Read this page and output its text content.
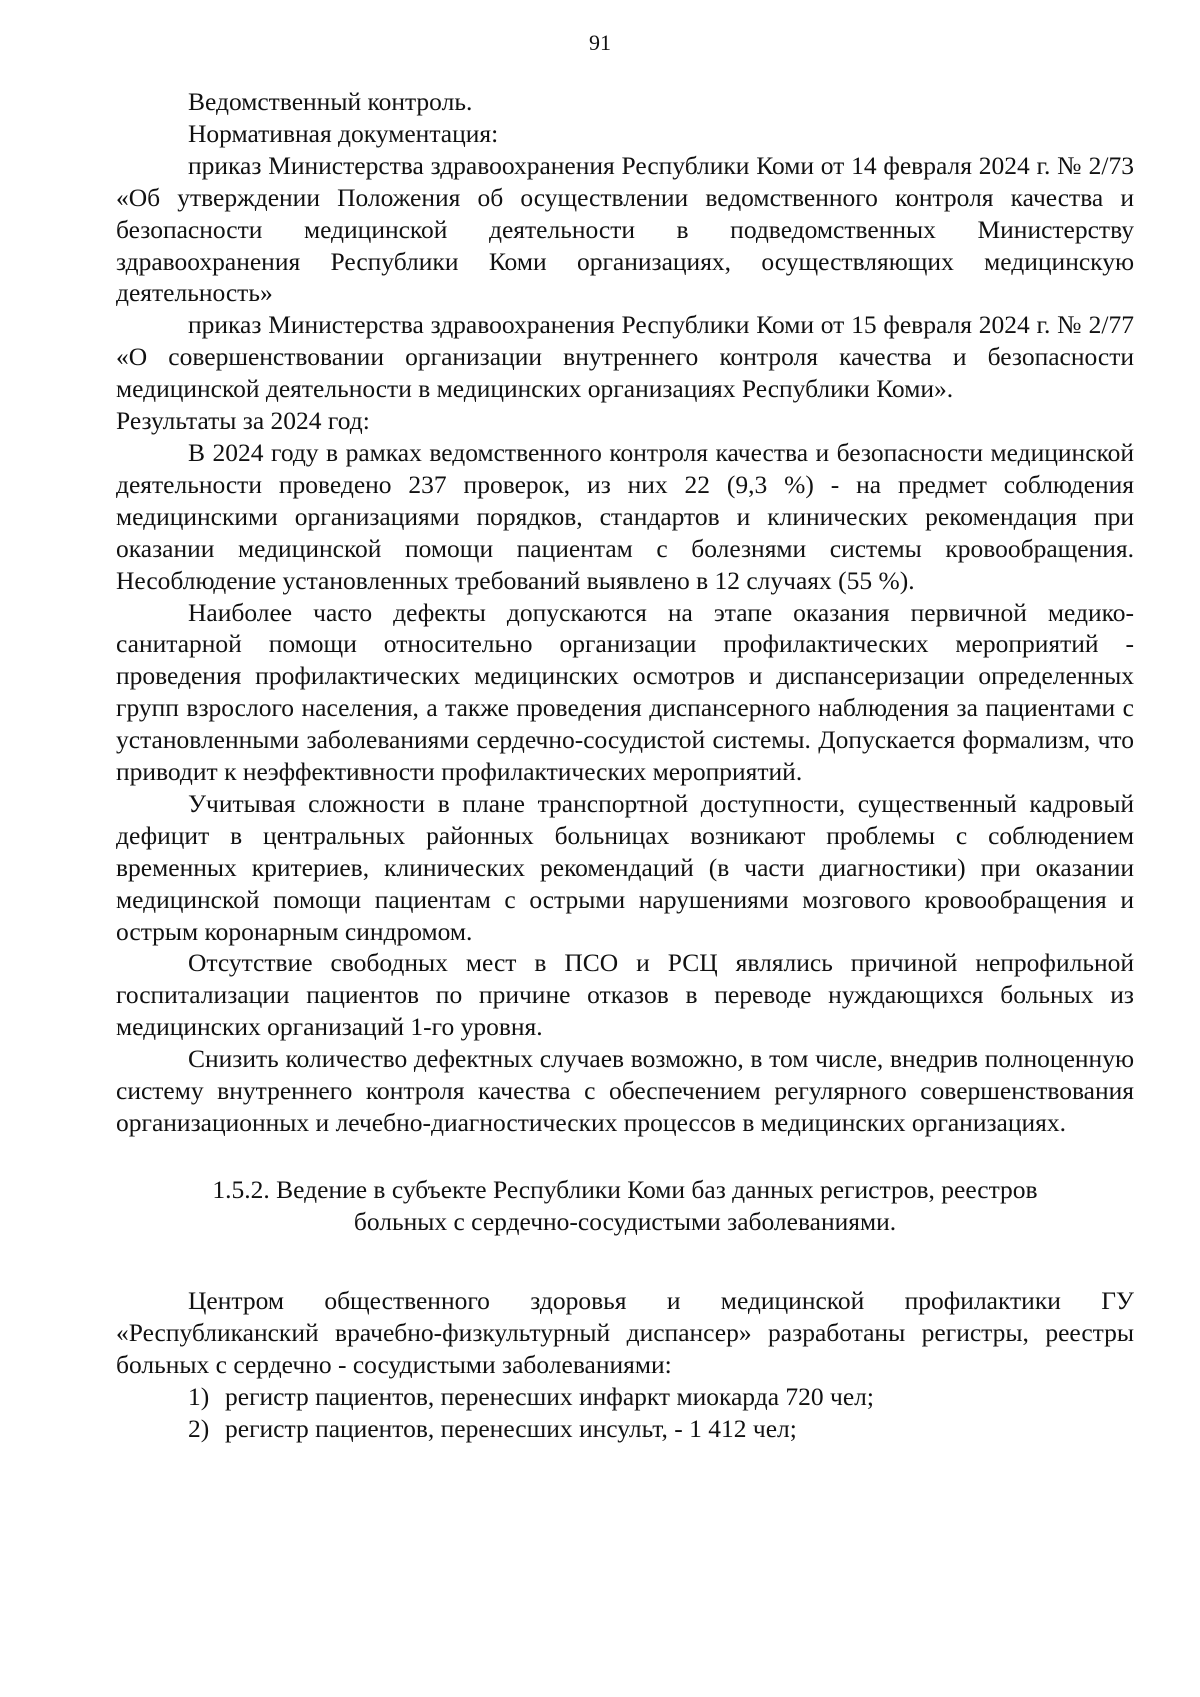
91

Ведомственный контроль.

Нормативная документация:

приказ Министерства здравоохранения Республики Коми от 14 февраля 2024 г. № 2/73 «Об утверждении Положения об осуществлении ведомственного контроля качества и безопасности медицинской деятельности в подведомственных Министерству здравоохранения Республики Коми организациях, осуществляющих медицинскую деятельность»

приказ Министерства здравоохранения Республики Коми от 15 февраля 2024 г. № 2/77 «О совершенствовании организации внутреннего контроля качества и безопасности медицинской деятельности в медицинских организациях Республики Коми».

Результаты за 2024 год:

В 2024 году в рамках ведомственного контроля качества и безопасности медицинской деятельности проведено 237 проверок, из них 22 (9,3 %) - на предмет соблюдения медицинскими организациями порядков, стандартов и клинических рекомендация при оказании медицинской помощи пациентам с болезнями системы кровообращения. Несоблюдение установленных требований выявлено в 12 случаях (55 %).

Наиболее часто дефекты допускаются на этапе оказания первичной медико-санитарной помощи относительно организации профилактических мероприятий - проведения профилактических медицинских осмотров и диспансеризации определенных групп взрослого населения, а также проведения диспансерного наблюдения за пациентами с установленными заболеваниями сердечно-сосудистой системы. Допускается формализм, что приводит к неэффективности профилактических мероприятий.

Учитывая сложности в плане транспортной доступности, существенный кадровый дефицит в центральных районных больницах возникают проблемы с соблюдением временных критериев, клинических рекомендаций (в части диагностики) при оказании медицинской помощи пациентам с острыми нарушениями мозгового кровообращения и острым коронарным синдромом.

Отсутствие свободных мест в ПСО и РСЦ являлись причиной непрофильной госпитализации пациентов по причине отказов в переводе нуждающихся больных из медицинских организаций 1-го уровня.

Снизить количество дефектных случаев возможно, в том числе, внедрив полноценную систему внутреннего контроля качества с обеспечением регулярного совершенствования организационных и лечебно-диагностических процессов в медицинских организациях.

1.5.2. Ведение в субъекте Республики Коми баз данных регистров, реестров
больных с сердечно-сосудистыми заболеваниями.

Центром общественного здоровья и медицинской профилактики ГУ «Республиканский врачебно-физкультурный диспансер» разработаны регистры, реестры больных с сердечно - сосудистыми заболеваниями:

1) регистр пациентов, перенесших инфаркт миокарда 720 чел;
2) регистр пациентов, перенесших инсульт, - 1 412 чел;
